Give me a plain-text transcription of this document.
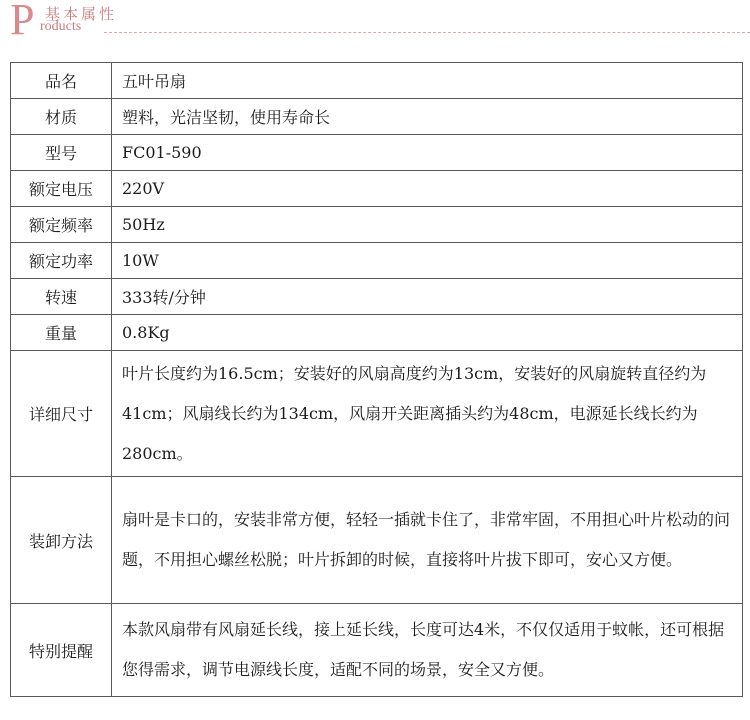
P 基本属性
roducts
品名	五叶吊扇
材质	塑料，光洁坚韧，使用寿命长
型号	FC01-590
额定电压	220V
额定频率	50Hz
额定功率	10W
转速	333转/分钟
重量	0.8Kg
详细尺寸	叶片长度约为16.5cm；安装好的风扇高度约为13cm，安装好的风扇旋转直径约为41cm；风扇线长约为134cm，风扇开关距离插头约为48cm，电源延长线长约为280cm。
装卸方法	扇叶是卡口的，安装非常方便，轻轻一插就卡住了，非常牢固，不用担心叶片松动的问题，不用担心螺丝松脱；叶片拆卸的时候，直接将叶片拔下即可，安心又方便。
特别提醒	本款风扇带有风扇延长线，接上延长线，长度可达4米，不仅仅适用于蚊帐，还可根据您得需求，调节电源线长度，适配不同的场景，安全又方便。
